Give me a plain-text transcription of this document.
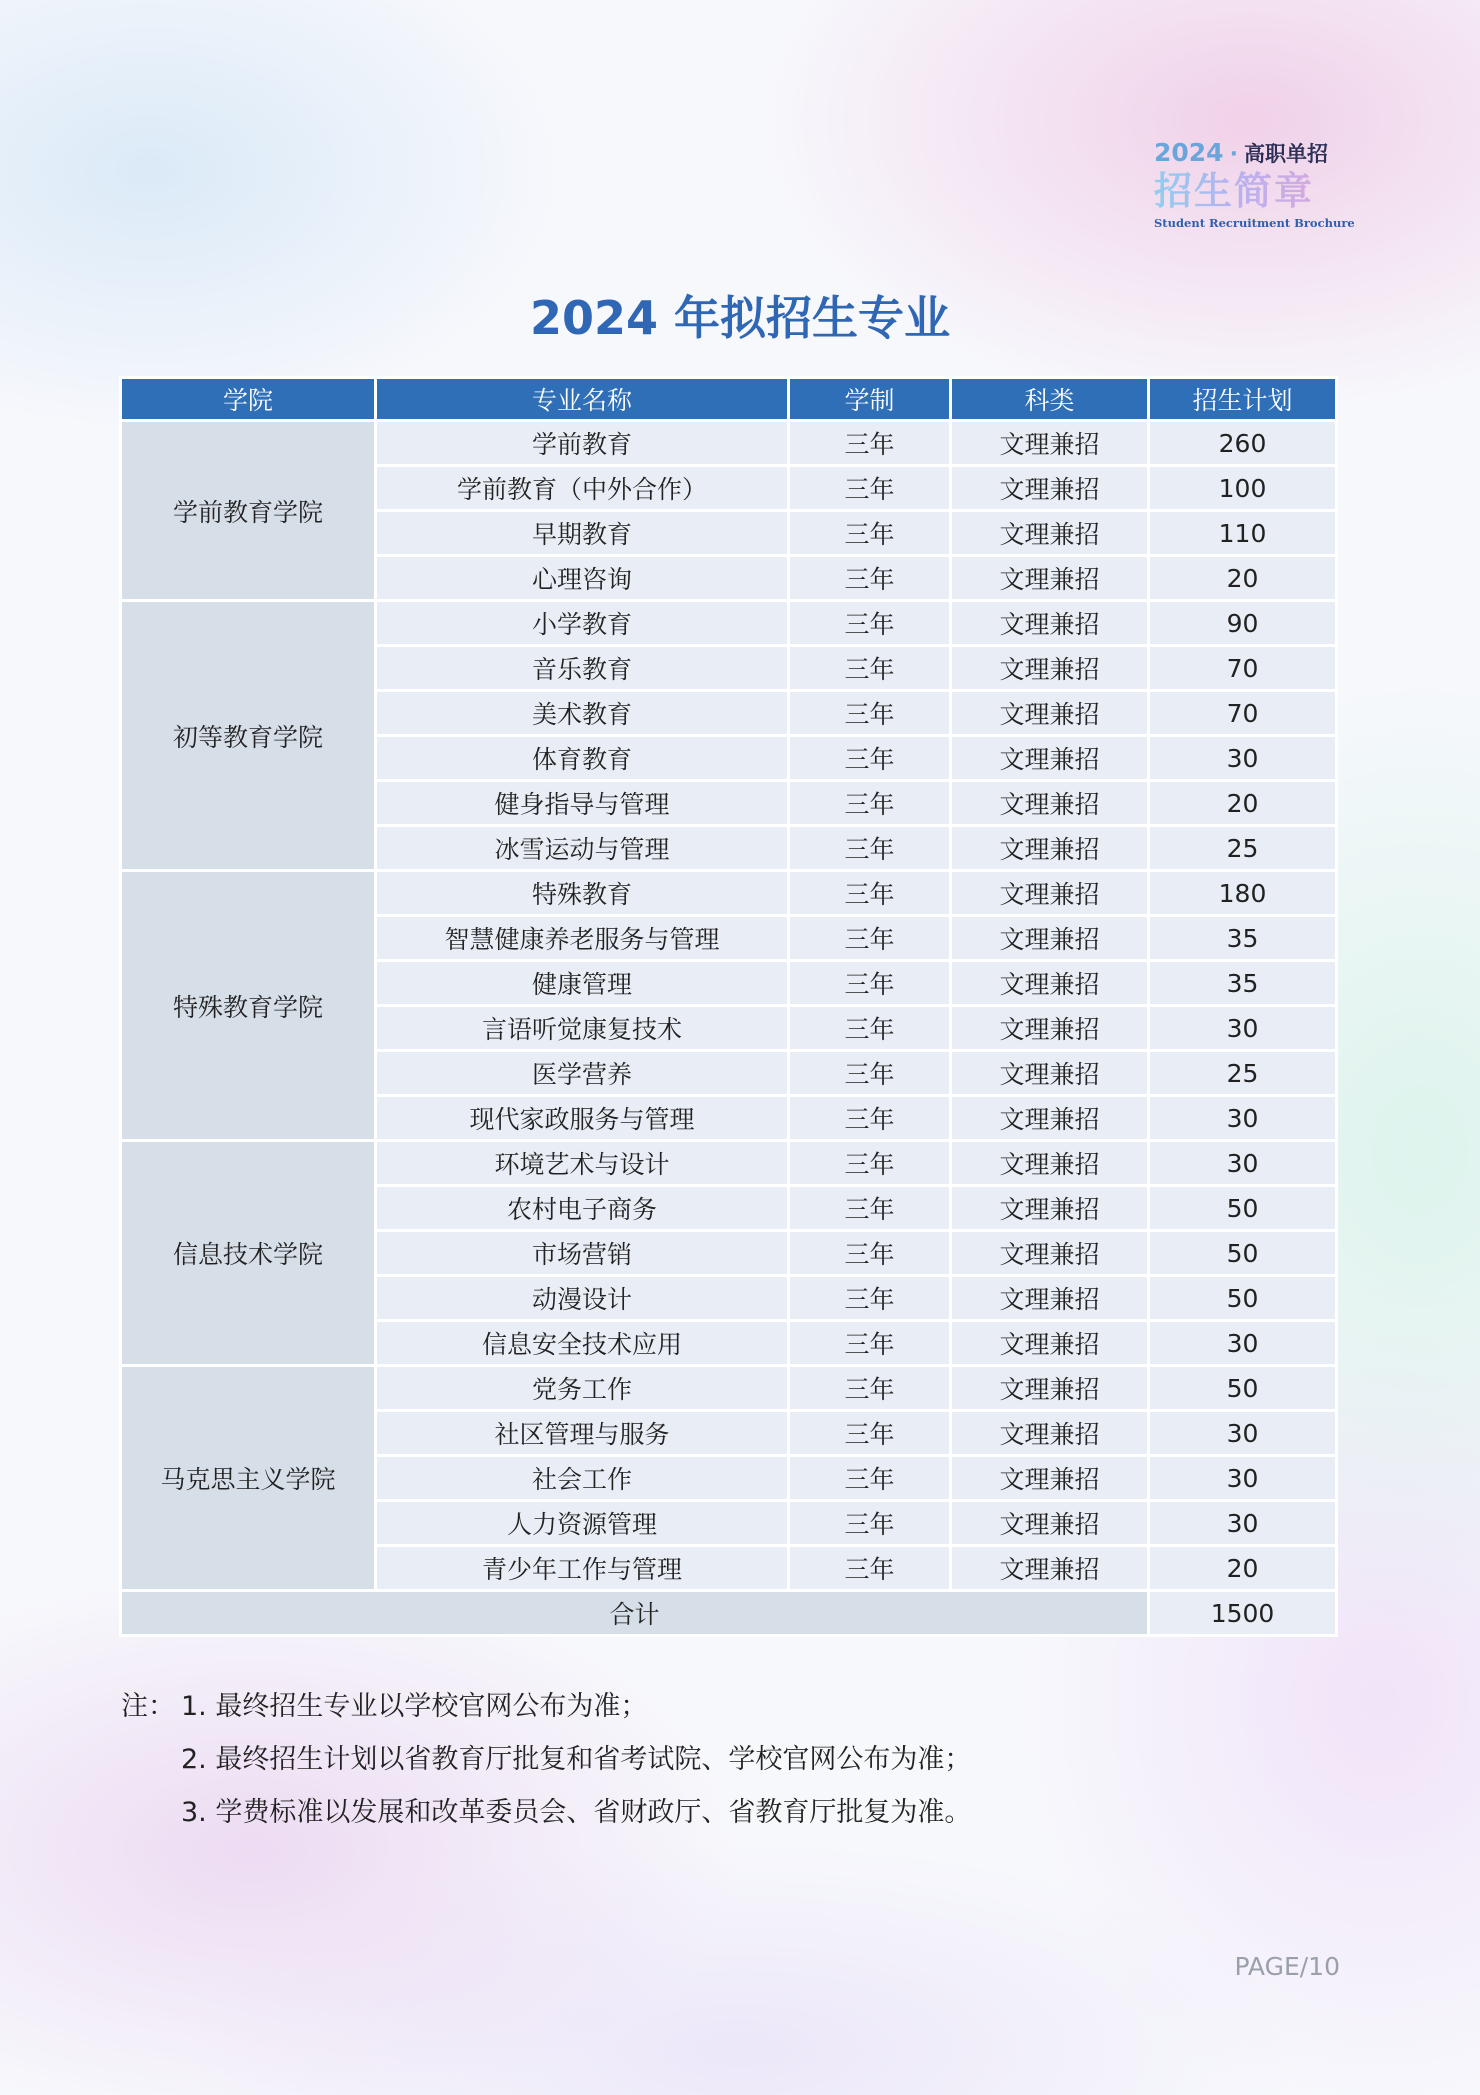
2024 · 高职单招
招生简章
Student Recruitment Brochure
2024 年拟招生专业
学院	专业名称	学制	科类	招生计划
学前教育学院	学前教育	三年	文理兼招	260
	学前教育（中外合作）	三年	文理兼招	100
	早期教育	三年	文理兼招	110
	心理咨询	三年	文理兼招	20
初等教育学院	小学教育	三年	文理兼招	90
	音乐教育	三年	文理兼招	70
	美术教育	三年	文理兼招	70
	体育教育	三年	文理兼招	30
	健身指导与管理	三年	文理兼招	20
	冰雪运动与管理	三年	文理兼招	25
特殊教育学院	特殊教育	三年	文理兼招	180
	智慧健康养老服务与管理	三年	文理兼招	35
	健康管理	三年	文理兼招	35
	言语听觉康复技术	三年	文理兼招	30
	医学营养	三年	文理兼招	25
	现代家政服务与管理	三年	文理兼招	30
信息技术学院	环境艺术与设计	三年	文理兼招	30
	农村电子商务	三年	文理兼招	50
	市场营销	三年	文理兼招	50
	动漫设计	三年	文理兼招	50
	信息安全技术应用	三年	文理兼招	30
马克思主义学院	党务工作	三年	文理兼招	50
	社区管理与服务	三年	文理兼招	30
	社会工作	三年	文理兼招	30
	人力资源管理	三年	文理兼招	30
	青少年工作与管理	三年	文理兼招	20
合计				1500
注： 1. 最终招生专业以学校官网公布为准；
2. 最终招生计划以省教育厅批复和省考试院、学校官网公布为准；
3. 学费标准以发展和改革委员会、省财政厅、省教育厅批复为准。
PAGE/10
